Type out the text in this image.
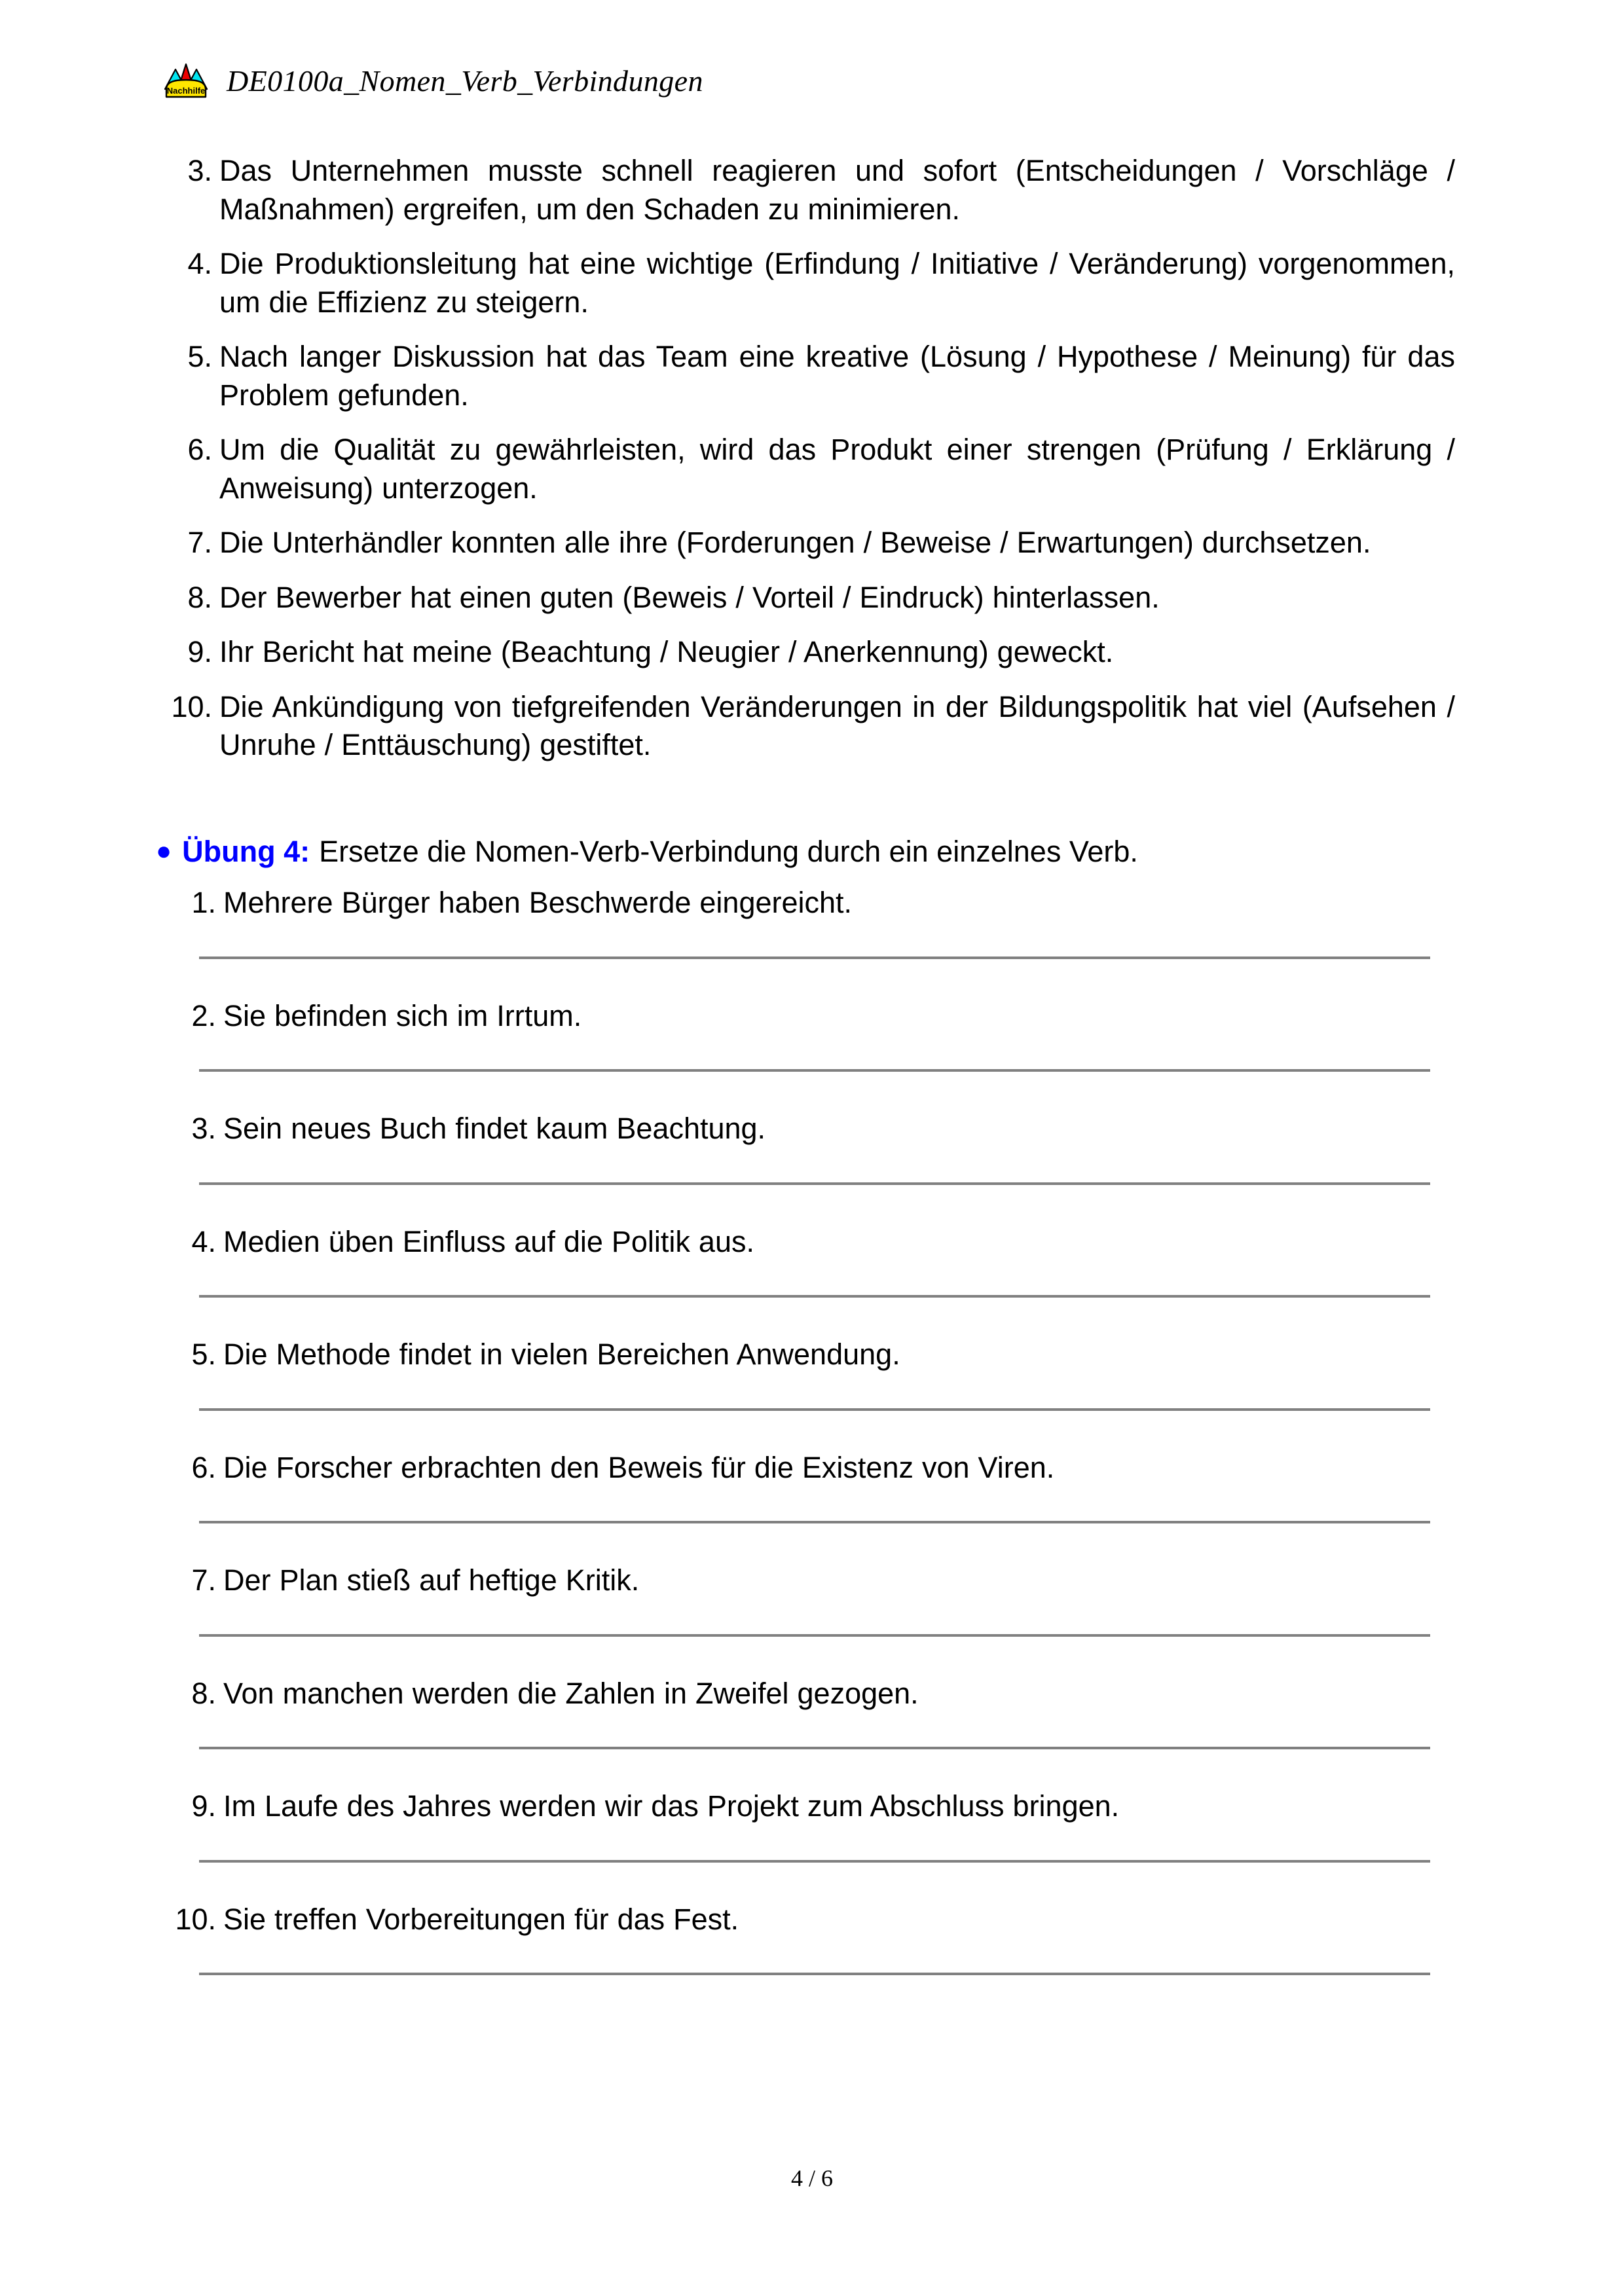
Nachhilfe DE0100a_Nomen_Verb_Verbindungen
3. Das Unternehmen musste schnell reagieren und sofort (Entscheidungen / Vorschläge / Maßnahmen) ergreifen, um den Schaden zu minimieren.
4. Die Produktionsleitung hat eine wichtige (Erfindung / Initiative / Veränderung) vorgenommen, um die Effizienz zu steigern.
5. Nach langer Diskussion hat das Team eine kreative (Lösung / Hypothese / Meinung) für das Problem gefunden.
6. Um die Qualität zu gewährleisten, wird das Produkt einer strengen (Prüfung / Erklärung / Anweisung) unterzogen.
7. Die Unterhändler konnten alle ihre (Forderungen / Beweise / Erwartungen) durchsetzen.
8. Der Bewerber hat einen guten (Beweis / Vorteil / Eindruck) hinterlassen.
9. Ihr Bericht hat meine (Beachtung / Neugier / Anerkennung) geweckt.
10. Die Ankündigung von tiefgreifenden Veränderungen in der Bildungspolitik hat viel (Aufsehen / Unruhe / Enttäuschung) gestiftet.
● Übung 4: Ersetze die Nomen-Verb-Verbindung durch ein einzelnes Verb.
1. Mehrere Bürger haben Beschwerde eingereicht.
2. Sie befinden sich im Irrtum.
3. Sein neues Buch findet kaum Beachtung.
4. Medien üben Einfluss auf die Politik aus.
5. Die Methode findet in vielen Bereichen Anwendung.
6. Die Forscher erbrachten den Beweis für die Existenz von Viren.
7. Der Plan stieß auf heftige Kritik.
8. Von manchen werden die Zahlen in Zweifel gezogen.
9. Im Laufe des Jahres werden wir das Projekt zum Abschluss bringen.
10. Sie treffen Vorbereitungen für das Fest.
4 / 6
